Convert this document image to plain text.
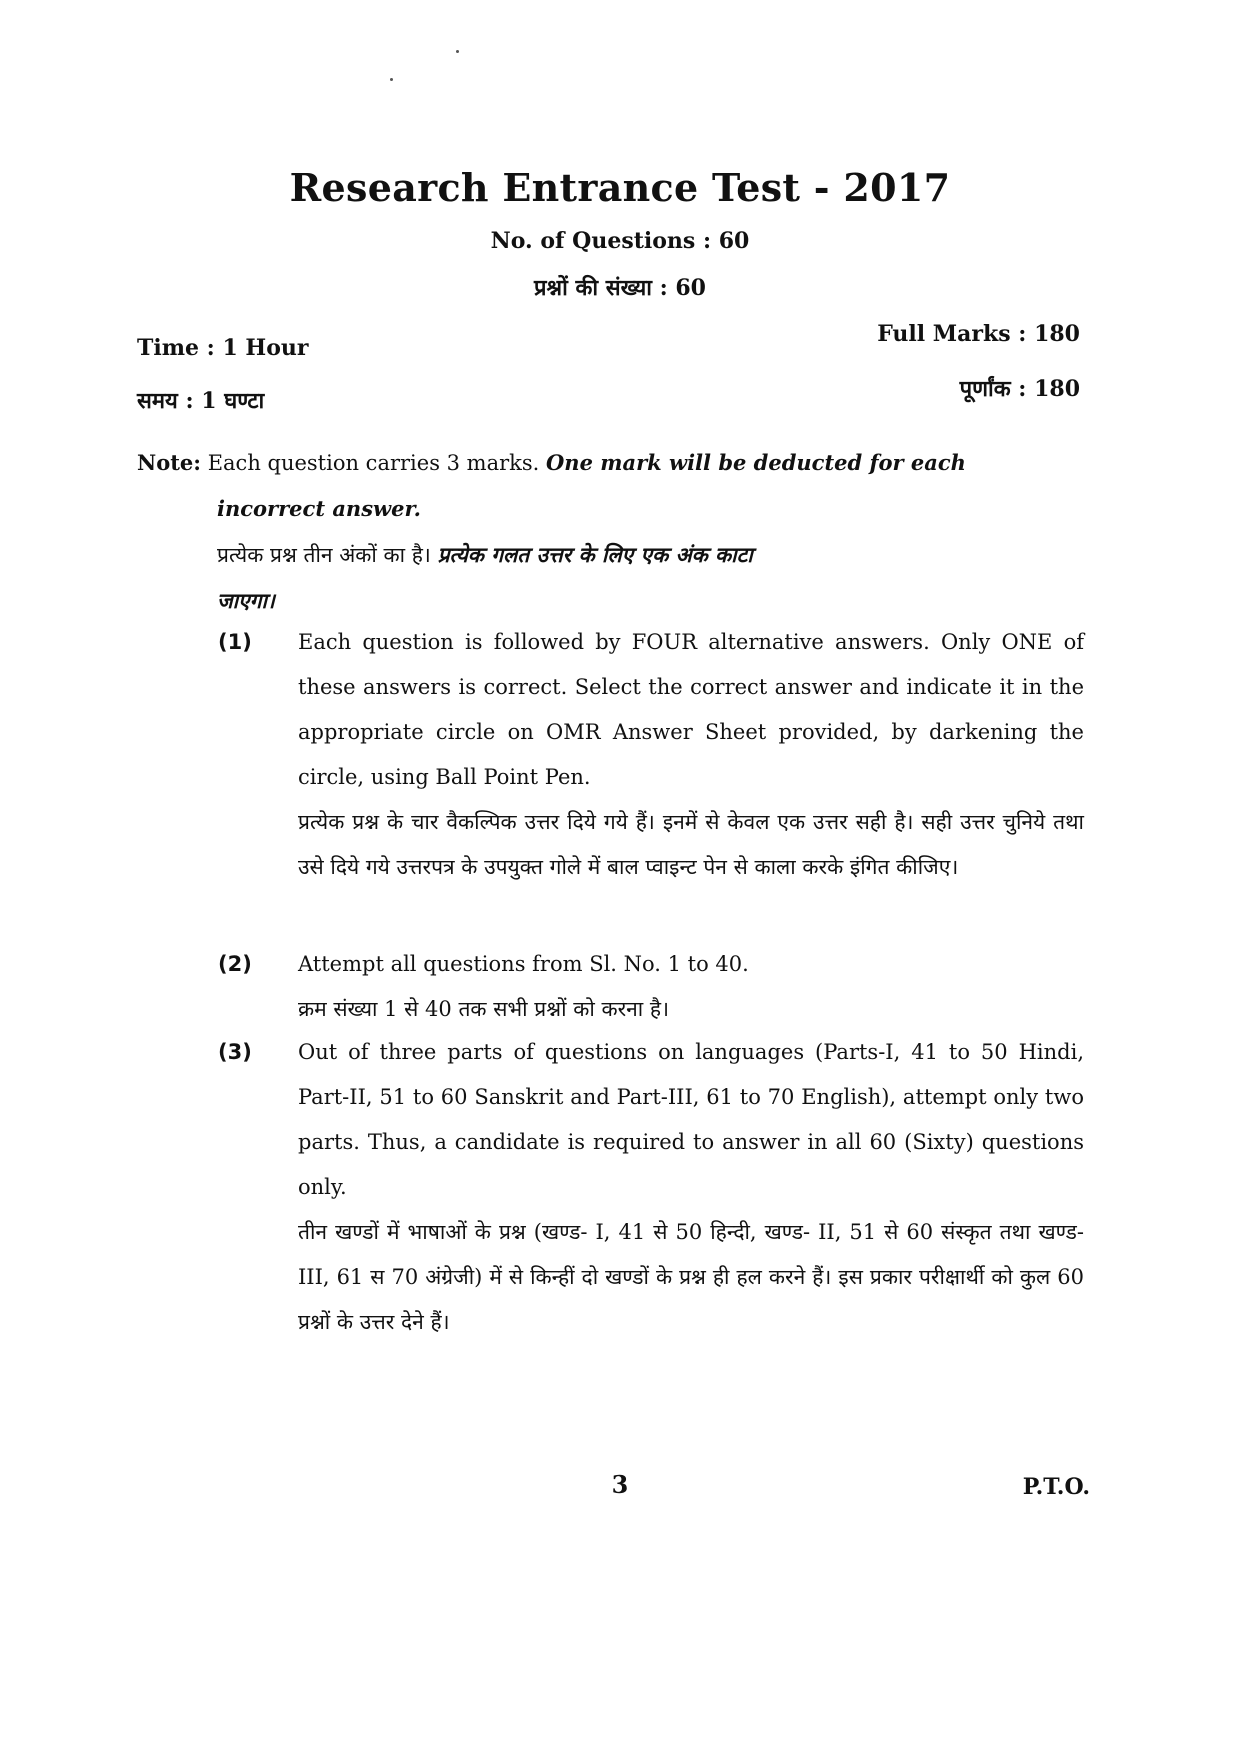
Research Entrance Test - 2017
No. of Questions : 60
प्रश्नों की संख्या : 60
Time : 1 Hour
समय : 1 घण्टा
Full Marks : 180
पूर्णांक : 180
Note: Each question carries 3 marks. One mark will be deducted for each
incorrect answer.
प्रत्येक प्रश्न तीन अंकों का है। प्रत्येक गलत उत्तर के लिए एक अंक काटा
जाएगा।
(1) Each question is followed by FOUR alternative answers. Only ONE of these answers is correct. Select the correct answer and indicate it in the appropriate circle on OMR Answer Sheet provided, by darkening the circle, using Ball Point Pen.
प्रत्येक प्रश्न के चार वैकल्पिक उत्तर दिये गये हैं। इनमें से केवल एक उत्तर सही है। सही उत्तर चुनिये तथा उसे दिये गये उत्तरपत्र के उपयुक्त गोले में बाल प्वाइन्ट पेन से काला करके इंगित कीजिए।
(2) Attempt all questions from Sl. No. 1 to 40.
क्रम संख्या 1 से 40 तक सभी प्रश्नों को करना है।
(3) Out of three parts of questions on languages (Parts-I, 41 to 50 Hindi, Part-II, 51 to 60 Sanskrit and Part-III, 61 to 70 English), attempt only two parts. Thus, a candidate is required to answer in all 60 (Sixty) questions only.
तीन खण्डों में भाषाओं के प्रश्न (खण्ड- I, 41 से 50 हिन्दी, खण्ड- II, 51 से 60 संस्कृत तथा खण्ड- III, 61 स 70 अंग्रेजी) में से किन्हीं दो खण्डों के प्रश्न ही हल करने हैं। इस प्रकार परीक्षार्थी को कुल 60 प्रश्नों के उत्तर देने हैं।
3	P.T.O.
